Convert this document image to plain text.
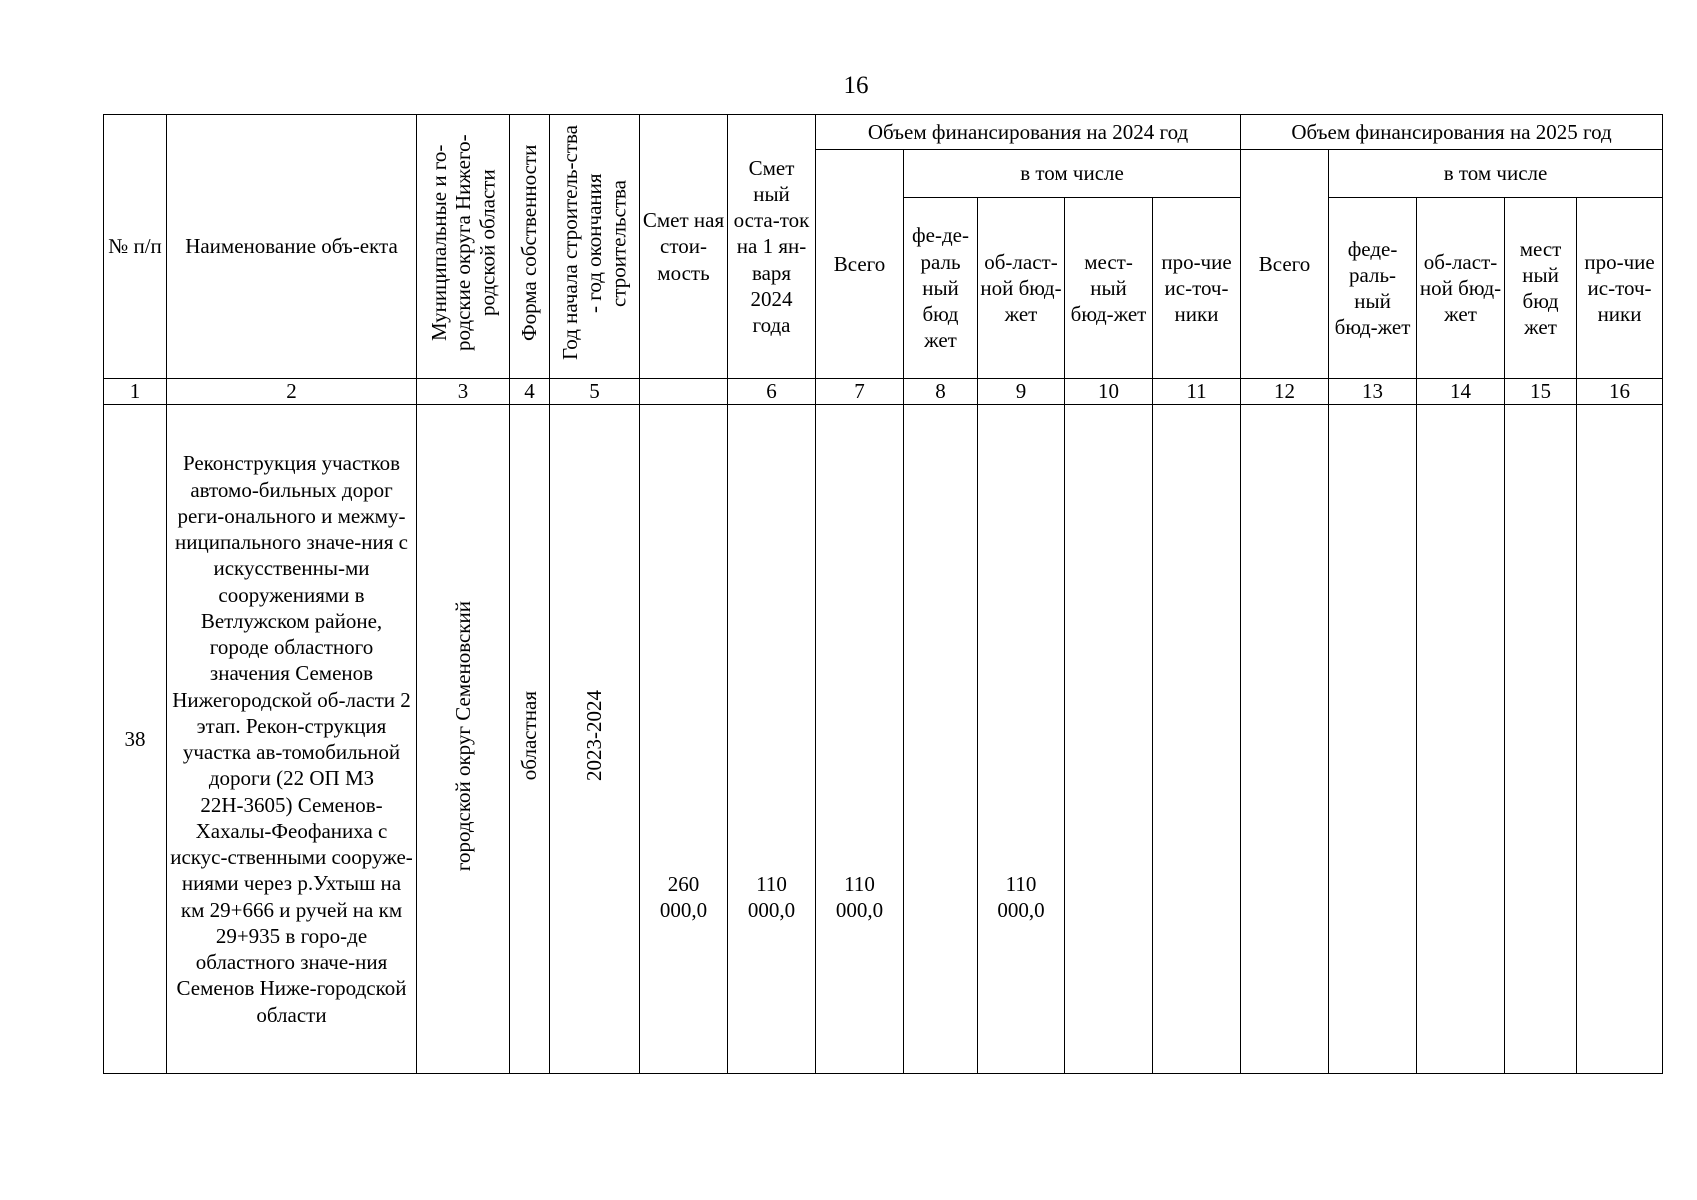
16
№ п/п	Наименование объ-екта	Муниципальные и го-родские округа Нижего-родской области	Форма собственности	Год начала строитель-ства - год окончания строительства	Смет ная стои-мость	Смет ный оста-ток на 1 ян-варя 2024 года	Объем финансирования на 2024 год					Объем финансирования на 2025 год				
							Всего	в том числе				Всего	в том числе			
								фе-де-раль ный бюд жет	об-ласт-ной бюд-жет	мест-ный бюд-жет	про-чие ис-точ-ники		феде-раль-ный бюд-жет	об-ласт-ной бюд-жет	мест ный бюд жет	про-чие ис-точ-ники
1	2	3	4	5		6	7	8	9	10	11	12	13	14	15	16
38	Реконструкция участков автомо-бильных дорог реги-онального и межму-ниципального значе-ния с искусственны-ми сооружениями в Ветлужском районе, городе областного значения Семенов Нижегородской об-ласти 2 этап. Рекон-струкция участка ав-томобильной дороги (22 ОП МЗ 22Н-3605) Семенов-Хахалы-Феофаниха с искус-ственными сооруже-ниями через р.Ухтыш на км 29+666 и ручей на км 29+935 в горо-де областного значе-ния Семенов Ниже-городской области	городской округ Семеновский	областная	2023-2024	260 000,0	110 000,0	110 000,0		110 000,0							
